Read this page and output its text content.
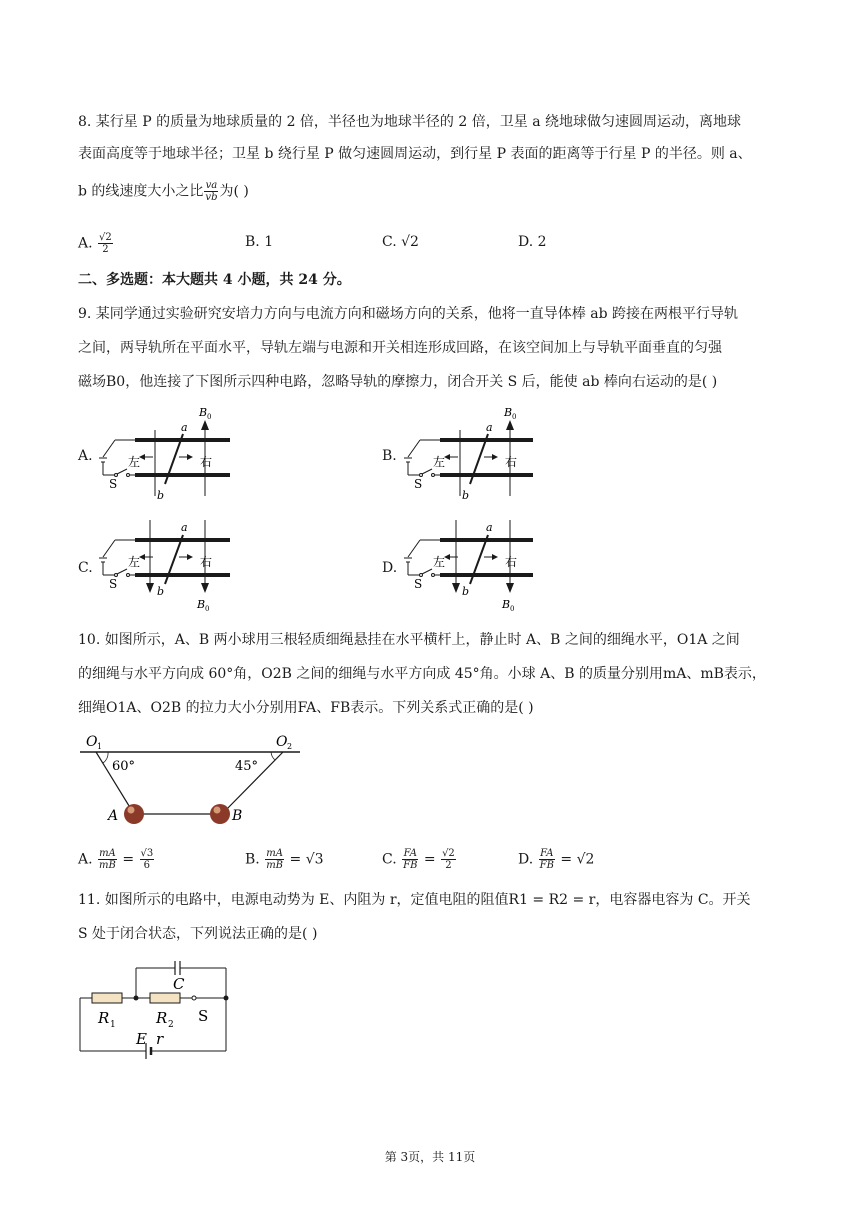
8. 某行星 P 的质量为地球质量的 2 倍，半径也为地球半径的 2 倍，卫星 a 绕地球做匀速圆周运动，离地球
表面高度等于地球半径；卫星 b 绕行星 P 做匀速圆周运动，到行星 P 表面的距离等于行星 P 的半径。则 a、
b 的线速度大小之比 $\frac{va}{vb}$ 为( )
A. $\frac{√2}{2}$	B. 1	C. √2	D. 2
二、多选题：本大题共 4 小题，共 24 分。
9. 某同学通过实验研究安培力方向与电流方向和磁场方向的关系，他将一直导体棒 ab 跨接在两根平行导轨
之间，两导轨所在平面水平，导轨左端与电源和开关相连形成回路，在该空间加上与导轨平面垂直的匀强
磁场B0，他连接了下图所示四种电路，忽略导轨的摩擦力，闭合开关 S 后，能使 ab 棒向右运动的是( )
A.	B.
C.	D.
a
b
左	右
S
B 0
a
b
左	右
S
B 0
a
b
左	右
S
B 0
a
b
左	右
S
B 0
10. 如图所示，A、B 两小球用三根轻质细绳悬挂在水平横杆上，静止时 A、B 之间的细绳水平，O1A 之间
的细绳与水平方向成 60°角，O2B 之间的细绳与水平方向成 45°角。小球 A、B 的质量分别用mA、mB表示，
细绳O1A、O2B 的拉力大小分别用FA、FB表示。下列关系式正确的是( )
O 1	O 2
60°	45°
A	B
A. $\frac{mA}{mB} = \frac{√3}{6}$	B. $\frac{mA}{mB} = √3$	C. $\frac{FA}{FB} = \frac{√2}{2}$	D. $\frac{FA}{FB} = √2$
11. 如图所示的电路中，电源电动势为 E、内阻为 r，定值电阻的阻值R1 = R2 = r，电容器电容为 C。开关
S 处于闭合状态，下列说法正确的是( )
C
R 1	R 2 S
E r
第 3页，共 11页
